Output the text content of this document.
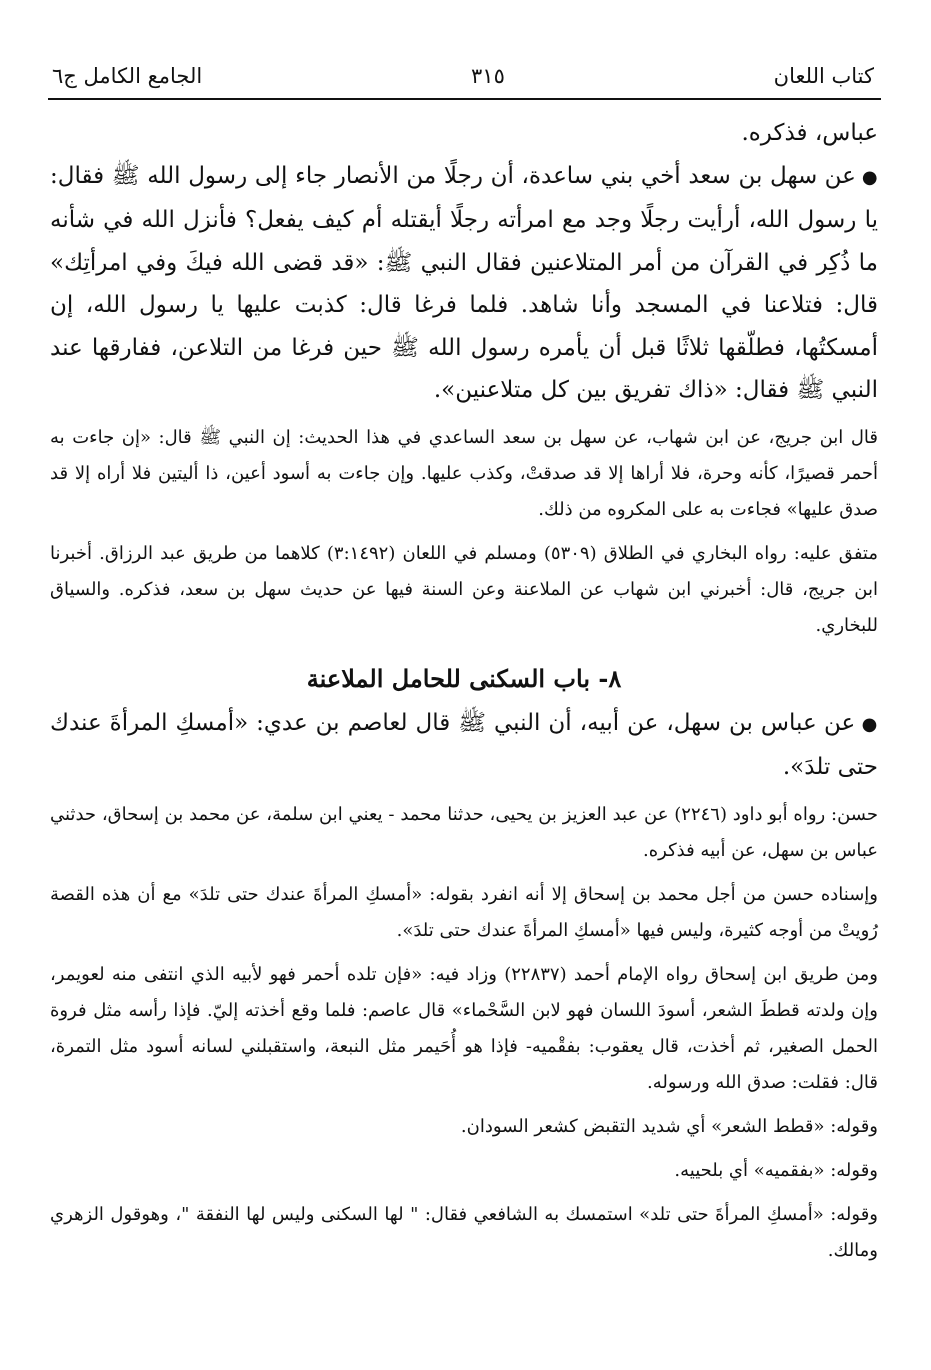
كتاب اللعان
٣١٥
الجامع الكامل ج٦

عباس، فذكره.

● عن سهل بن سعد أخي بني ساعدة، أن رجلًا من الأنصار جاء إلى رسول الله ﷺ فقال: يا رسول الله، أرأيت رجلًا وجد مع امرأته رجلًا أيقتله أم كيف يفعل؟ فأنزل الله في شأنه ما ذُكِر في القرآن من أمر المتلاعنين فقال النبي ﷺ: «قد قضى الله فيكَ وفي امرأتِك» قال: فتلاعنا في المسجد وأنا شاهد. فلما فرغا قال: كذبت عليها يا رسول الله، إن أمسكتُها، فطلّقها ثلاثًا قبل أن يأمره رسول الله ﷺ حين فرغا من التلاعن، ففارقها عند النبي ﷺ فقال: «ذاك تفريق بين كل متلاعنين».

قال ابن جريج، عن ابن شهاب، عن سهل بن سعد الساعدي في هذا الحديث: إن النبي ﷺ قال: «إن جاءت به أحمر قصيرًا، كأنه وحرة، فلا أراها إلا قد صدقتْ، وكذب عليها. وإن جاءت به أسود أعين، ذا أليتين فلا أراه إلا قد صدق عليها» فجاءت به على المكروه من ذلك.

متفق عليه: رواه البخاري في الطلاق (٥٣٠٩) ومسلم في اللعان (٣:١٤٩٢) كلاهما من طريق عبد الرزاق. أخبرنا ابن جريج، قال: أخبرني ابن شهاب عن الملاعنة وعن السنة فيها عن حديث سهل بن سعد، فذكره. والسياق للبخاري.

٨- باب السكنى للحامل الملاعنة

● عن عباس بن سهل، عن أبيه، أن النبي ﷺ قال لعاصم بن عدي: «أمسكِ المرأةَ عندك حتى تلدَ».

حسن: رواه أبو داود (٢٢٤٦) عن عبد العزيز بن يحيى، حدثنا محمد - يعني ابن سلمة، عن محمد بن إسحاق، حدثني عباس بن سهل، عن أبيه فذكره.

وإسناده حسن من أجل محمد بن إسحاق إلا أنه انفرد بقوله: «أمسكِ المرأةَ عندك حتى تلدَ» مع أن هذه القصة رُويتْ من أوجه كثيرة، وليس فيها «أمسكِ المرأةَ عندك حتى تلدَ».

ومن طريق ابن إسحاق رواه الإمام أحمد (٢٢٨٣٧) وزاد فيه: «فإن تلده أحمر فهو لأبيه الذي انتفى منه لعويمر، وإن ولدته قططَ الشعر، أسودَ اللسان فهو لابن السَّحْماء» قال عاصم: فلما وقع أخذته إليّ. فإذا رأسه مثل فروة الحمل الصغير، ثم أخذت، قال يعقوب: بفقْميه- فإذا هو أُحَيمر مثل النبعة، واستقبلني لسانه أسود مثل التمرة، قال: فقلت: صدق الله ورسوله.

وقوله: «قطط الشعر» أي شديد التقبض كشعر السودان.

وقوله: «بفقميه» أي بلحييه.

وقوله: «أمسكِ المرأةَ حتى تلد» استمسك به الشافعي فقال: " لها السكنى وليس لها النفقة "، وهوقول الزهري ومالك.
